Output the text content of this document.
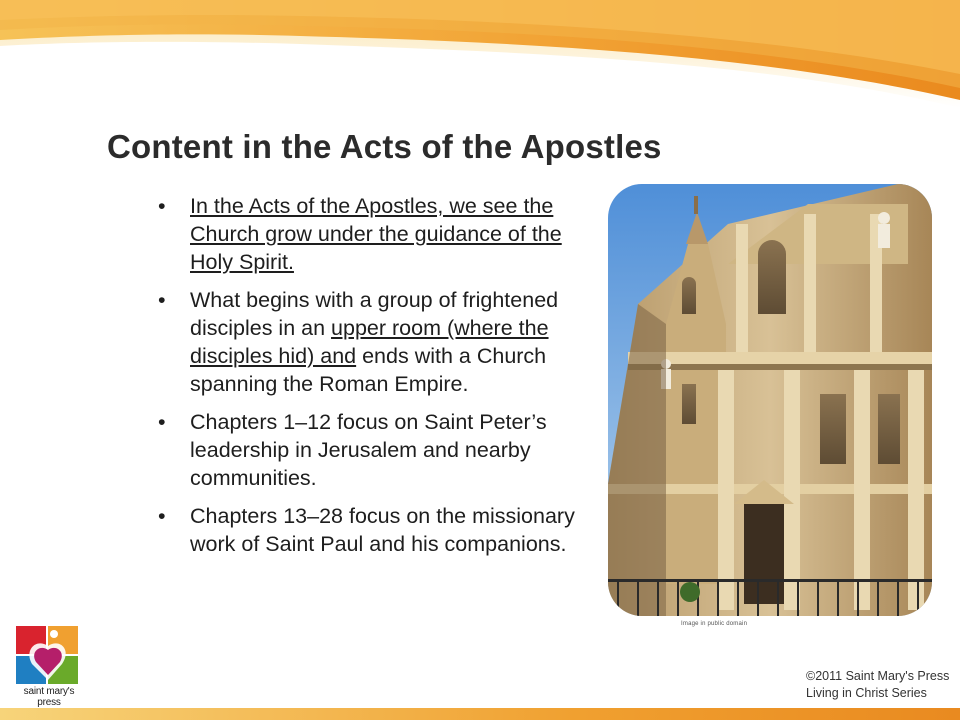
Content in the Acts of the Apostles
• In the Acts of the Apostles, we see the Church grow under the guidance of the Holy Spirit.
• What begins with a group of frightened disciples in an upper room (where the disciples hid) and ends with a Church spanning the Roman Empire.
• Chapters 1–12 focus on Saint Peter’s leadership in Jerusalem and nearby communities.
• Chapters 13–28 focus on the missionary work of Saint Paul and his companions.
Image in public domain
saint mary's press
©2011 Saint Mary's Press
Living in Christ Series
